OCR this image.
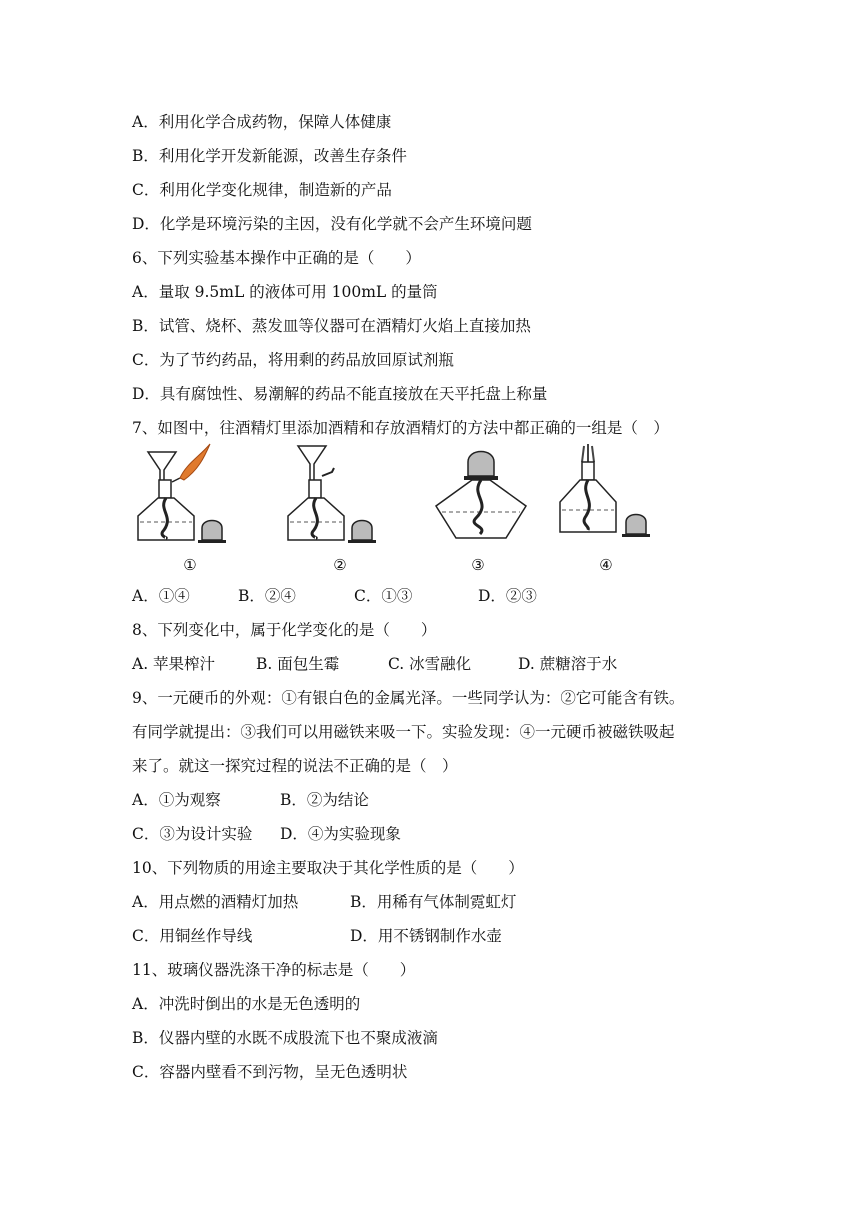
A．利用化学合成药物，保障人体健康
B．利用化学开发新能源，改善生存条件
C．利用化学变化规律，制造新的产品
D．化学是环境污染的主因，没有化学就不会产生环境问题
6、下列实验基本操作中正确的是（　　）
A．量取 9.5mL 的液体可用 100mL 的量筒
B．试管、烧杯、蒸发皿等仪器可在酒精灯火焰上直接加热
C．为了节约药品，将用剩的药品放回原试剂瓶
D．具有腐蚀性、易潮解的药品不能直接放在天平托盘上称量
7、如图中，往酒精灯里添加酒精和存放酒精灯的方法中都正确的一组是（　）
①	②	③	④
A．①④	B．②④	C．①③	D．②③
8、下列变化中，属于化学变化的是（　　）
A. 苹果榨汁	B. 面包生霉	C. 冰雪融化	D. 蔗糖溶于水
9、一元硬币的外观：①有银白色的金属光泽。一些同学认为：②它可能含有铁。
有同学就提出：③我们可以用磁铁来吸一下。实验发现：④一元硬币被磁铁吸起
来了。就这一探究过程的说法不正确的是（　）
A．①为观察	B．②为结论
C．③为设计实验 D．④为实验现象
10、下列物质的用途主要取决于其化学性质的是（　　）
A．用点燃的酒精灯加热	B．用稀有气体制霓虹灯
C．用铜丝作导线	D．用不锈钢制作水壶
11、玻璃仪器洗涤干净的标志是（　　）
A．冲洗时倒出的水是无色透明的
B．仪器内壁的水既不成股流下也不聚成液滴
C．容器内壁看不到污物，呈无色透明状
